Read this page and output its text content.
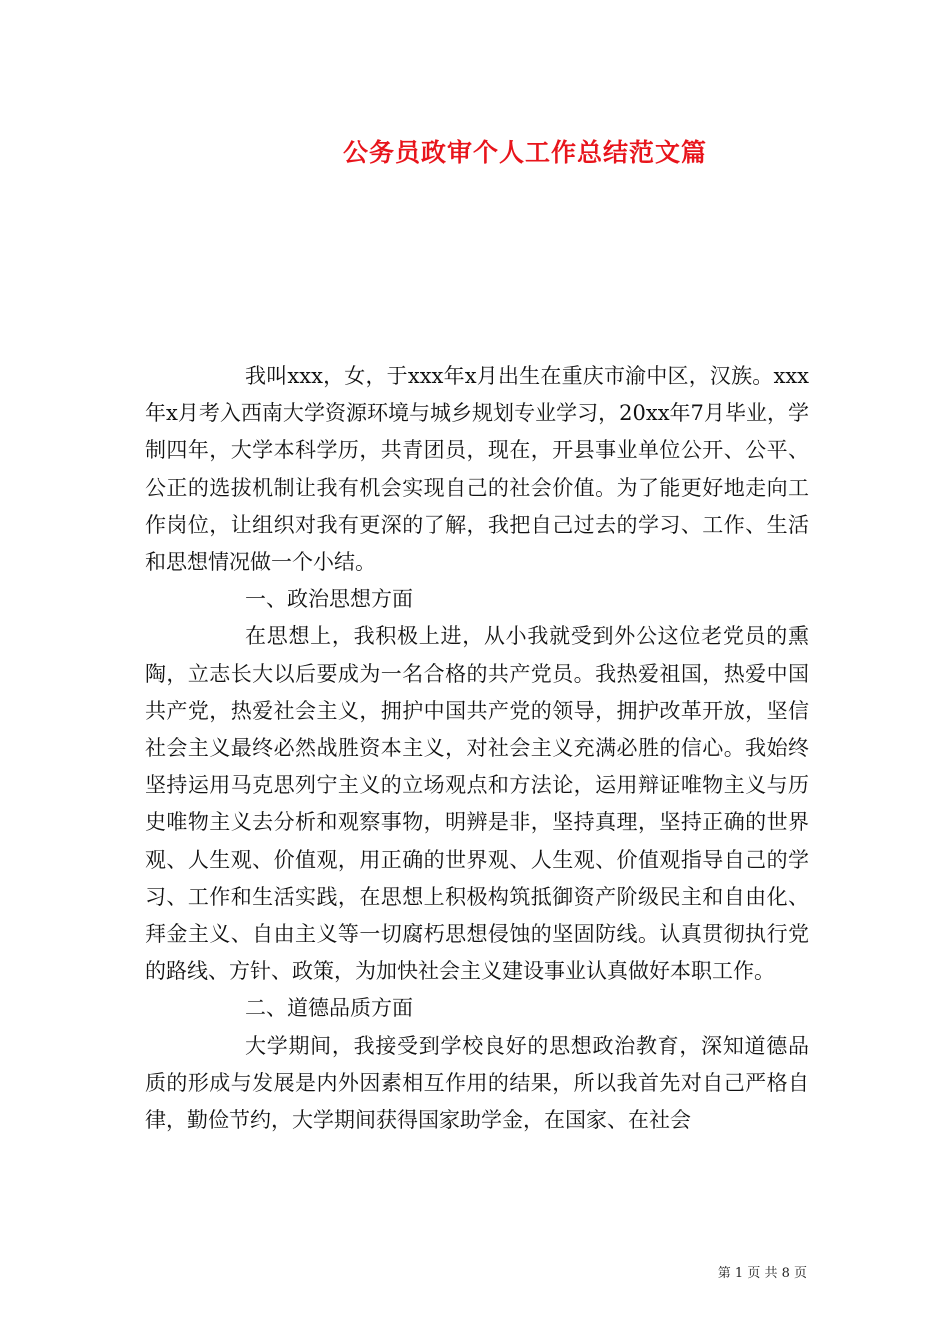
公务员政审个人工作总结范文篇

我叫xxx，女，于xxx年x月出生在重庆市渝中区，汉族。xxx年x月考入西南大学资源环境与城乡规划专业学习，20xx年7月毕业，学制四年，大学本科学历，共青团员，现在，开县事业单位公开、公平、公正的选拔机制让我有机会实现自己的社会价值。为了能更好地走向工作岗位，让组织对我有更深的了解，我把自己过去的学习、工作、生活和思想情况做一个小结。

一、政治思想方面

在思想上，我积极上进，从小我就受到外公这位老党员的熏陶，立志长大以后要成为一名合格的共产党员。我热爱祖国，热爱中国共产党，热爱社会主义，拥护中国共产党的领导，拥护改革开放，坚信社会主义最终必然战胜资本主义，对社会主义充满必胜的信心。我始终坚持运用马克思列宁主义的立场观点和方法论，运用辩证唯物主义与历史唯物主义去分析和观察事物，明辨是非，坚持真理，坚持正确的世界观、人生观、价值观，用正确的世界观、人生观、价值观指导自己的学习、工作和生活实践，在思想上积极构筑抵御资产阶级民主和自由化、拜金主义、自由主义等一切腐朽思想侵蚀的坚固防线。认真贯彻执行党的路线、方针、政策，为加快社会主义建设事业认真做好本职工作。

二、道德品质方面

大学期间，我接受到学校良好的思想政治教育，深知道德品质的形成与发展是内外因素相互作用的结果，所以我首先对自己严格自律，勤俭节约，大学期间获得国家助学金，在国家、在社会

第 1 页 共 8 页
